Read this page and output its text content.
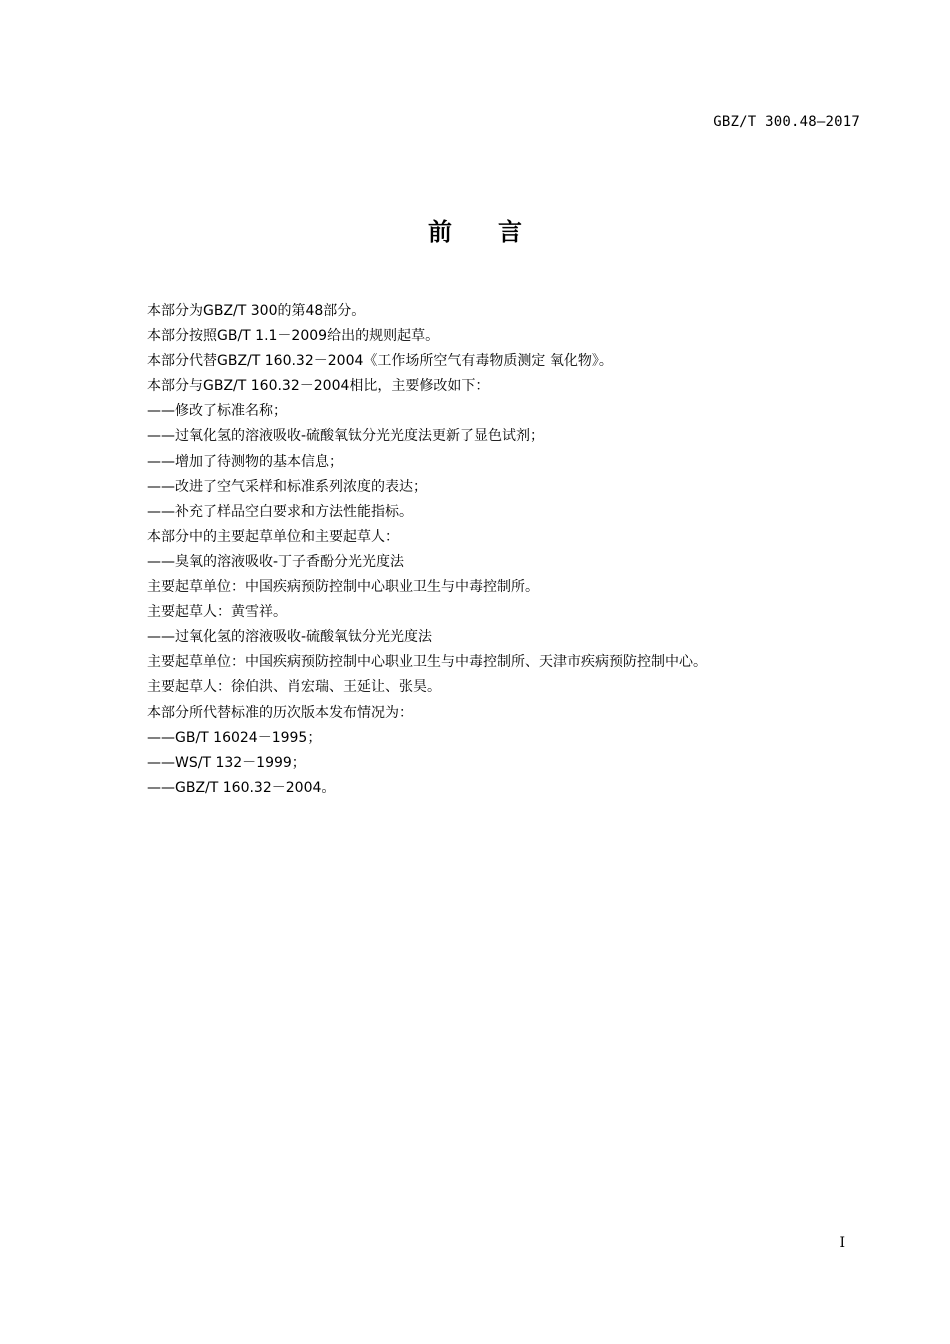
GBZ/T 300.48—2017
前 言
本部分为GBZ/T 300的第48部分。
本部分按照GB/T 1.1－2009给出的规则起草。
本部分代替GBZ/T 160.32－2004《工作场所空气有毒物质测定 氧化物》。
本部分与GBZ/T 160.32－2004相比，主要修改如下：
——修改了标准名称；
——过氧化氢的溶液吸收-硫酸氧钛分光光度法更新了显色试剂；
——增加了待测物的基本信息；
——改进了空气采样和标准系列浓度的表达；
——补充了样品空白要求和方法性能指标。
本部分中的主要起草单位和主要起草人：
——臭氧的溶液吸收-丁子香酚分光光度法
主要起草单位：中国疾病预防控制中心职业卫生与中毒控制所。
主要起草人：黄雪祥。
——过氧化氢的溶液吸收-硫酸氧钛分光光度法
主要起草单位：中国疾病预防控制中心职业卫生与中毒控制所、天津市疾病预防控制中心。
主要起草人：徐伯洪、肖宏瑞、王延让、张昊。
本部分所代替标准的历次版本发布情况为：
——GB/T 16024－1995；
——WS/T 132－1999；
——GBZ/T 160.32－2004。
I
